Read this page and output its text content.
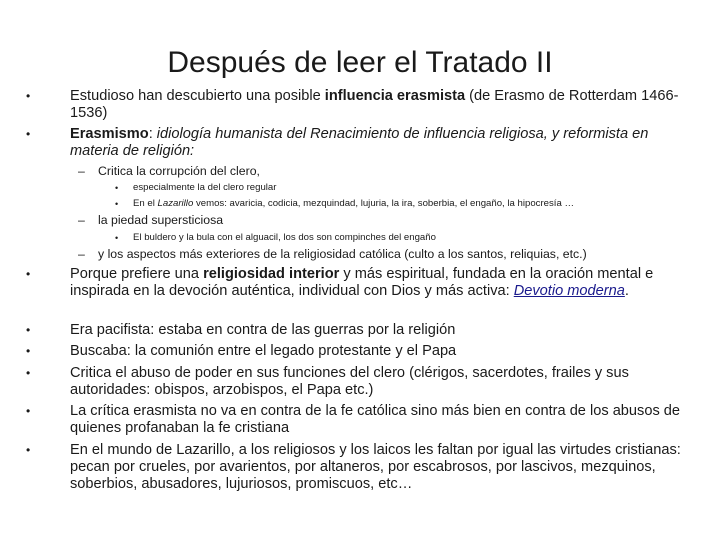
Después de leer el Tratado II

•	Estudioso han descubierto una posible influencia erasmista (de Erasmo de Rotterdam 1466-1536)

•	Erasmismo: idiología humanista del Renacimiento de influencia religiosa, y reformista en materia de religión:

– Critica la corrupción del clero,

• especialmente la del clero regular

• En el Lazarillo vemos: avaricia, codicia, mezquindad, lujuria, la ira, soberbia, el engaño, la hipocresía …

– la piedad supersticiosa

• El buldero y la bula con el alguacil, los dos son compinches del engaño

– y los aspectos más exteriores de la religiosidad católica (culto a los santos, reliquias, etc.)

•	Porque prefiere una religiosidad interior y más espiritual, fundada en la oración mental e inspirada en la devoción auténtica, individual con Dios y más activa: Devotio moderna.

•	Era pacifista: estaba en contra de las guerras por la religión

•	Buscaba: la comunión entre el legado protestante y el Papa

•	Critica el abuso de poder en sus funciones del clero (clérigos, sacerdotes, frailes y sus autoridades: obispos, arzobispos, el Papa etc.)

•	La crítica erasmista no va en contra de la fe católica sino más bien en contra de los abusos de quienes profanaban la fe cristiana

•	En el mundo de Lazarillo, a los religiosos y los laicos les faltan por igual las virtudes cristianas: pecan por crueles, por avarientos, por altaneros, por escabrosos, por lascivos, mezquinos, soberbios, abusadores, lujuriosos, promiscuos, etc…
